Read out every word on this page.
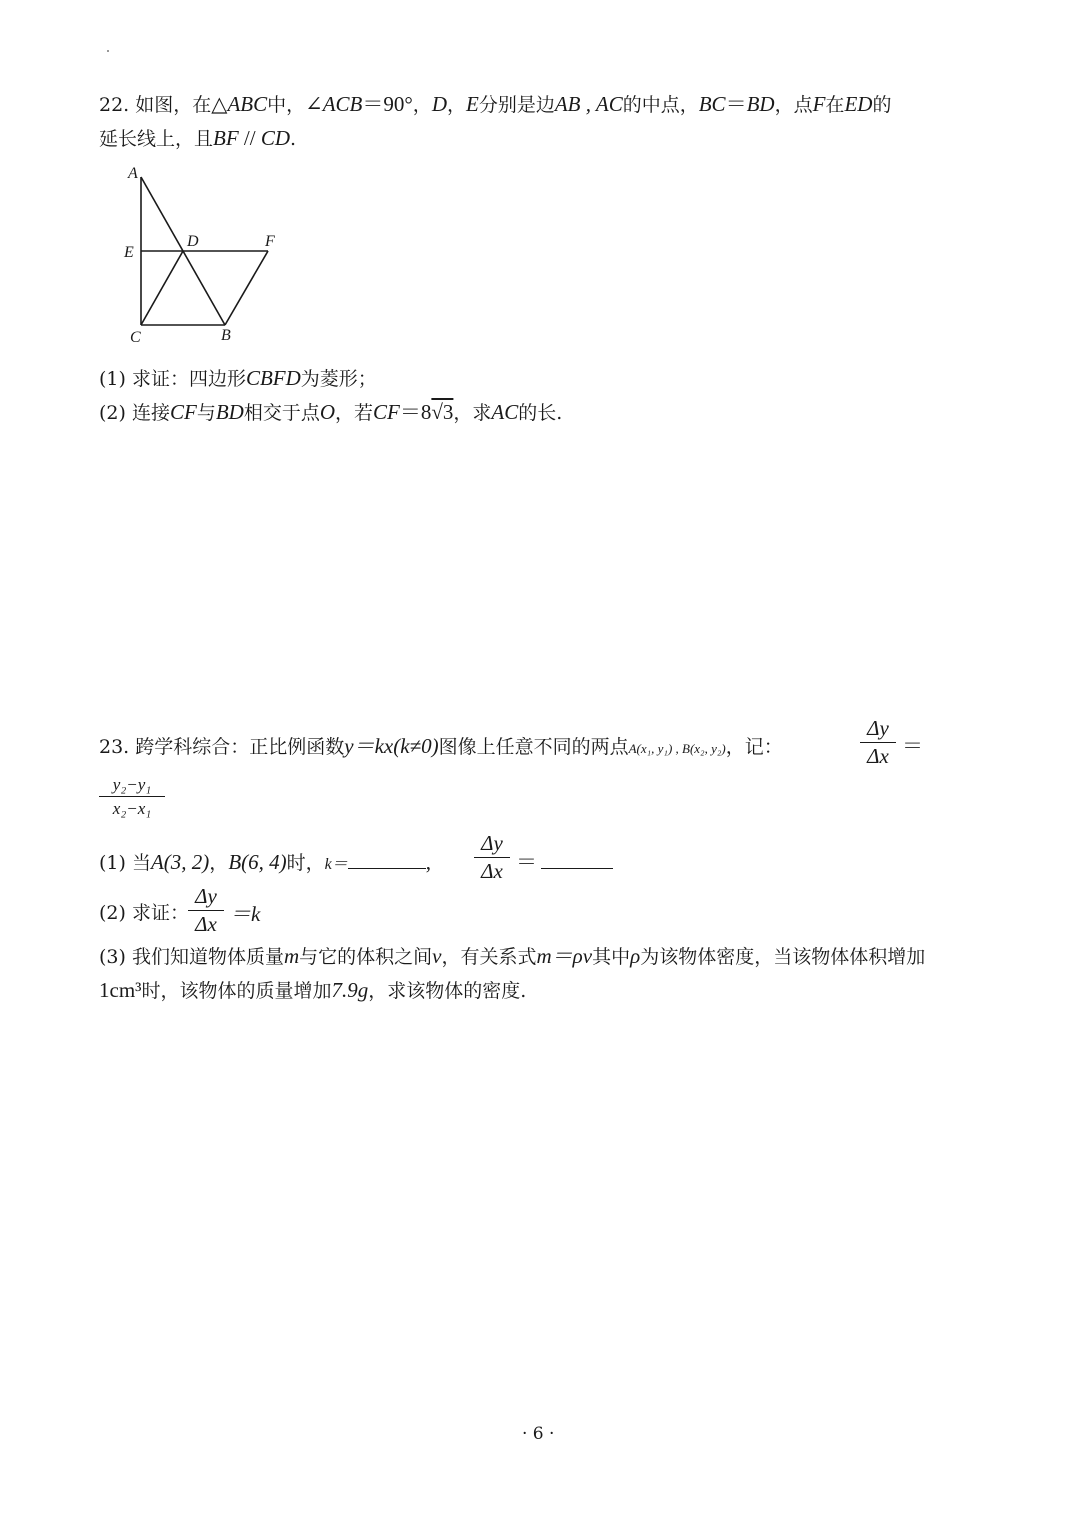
22. 如图，在△ABC中，∠ACB＝90°，D，E分别是边AB , AC的中点，BC＝BD，点F在ED的
延长线上，且BF // CD.
A
E
D	F
C	B
(1) 求证：四边形CBFD为菱形；
(2) 连接CF与BD相交于点O，若CF＝8√3，求AC的长.
23. 跨学科综合：正比例函数y＝kx(k≠0)图像上任意不同的两点A(x₁, y₁) , B(x₂, y₂)，记：
Δy
Δx ＝
y₂−y₁
x₂−x₁
(1) 当A(3, 2)，B(6, 4)时，k＝	,
Δy
Δx ＝
(2) 求证：
Δy
Δx ＝k
(3) 我们知道物体质量m与它的体积之间v，有关系式m＝ρv其中ρ为该物体密度，当该物体体积增加
1cm³时，该物体的质量增加7.9g，求该物体的密度.
· 6 ·
